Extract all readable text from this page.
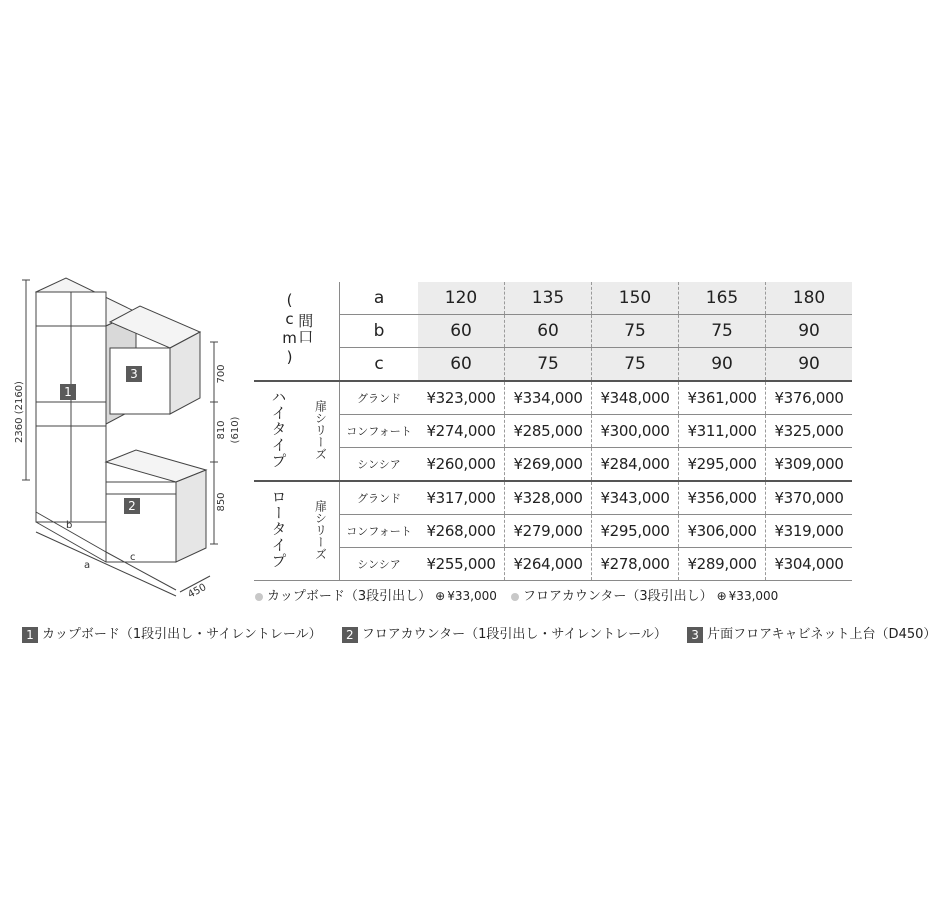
1
3
2
2360 (2160)
700
810 (610)
850
b
c
a
450
間口(cm)		a	120	135	150	165	180
		b	60	60	75	75	90
		c	60	75	75	90	90
ハイタイプ	扉シリーズ	グランド	¥323,000	¥334,000	¥348,000	¥361,000	¥376,000
		コンフォート	¥274,000	¥285,000	¥300,000	¥311,000	¥325,000
		シンシア	¥260,000	¥269,000	¥284,000	¥295,000	¥309,000
ロータイプ	扉シリーズ	グランド	¥317,000	¥328,000	¥343,000	¥356,000	¥370,000
		コンフォート	¥268,000	¥279,000	¥295,000	¥306,000	¥319,000
		シンシア	¥255,000	¥264,000	¥278,000	¥289,000	¥304,000
カップボード（3段引出し） ⊕ ¥33,000 フロアカウンター（3段引出し） ⊕ ¥33,000
1 カップボード（1段引出し・サイレントレール） 2 フロアカウンター（1段引出し・サイレントレール） 3 片面フロアキャビネット上台（D450）
